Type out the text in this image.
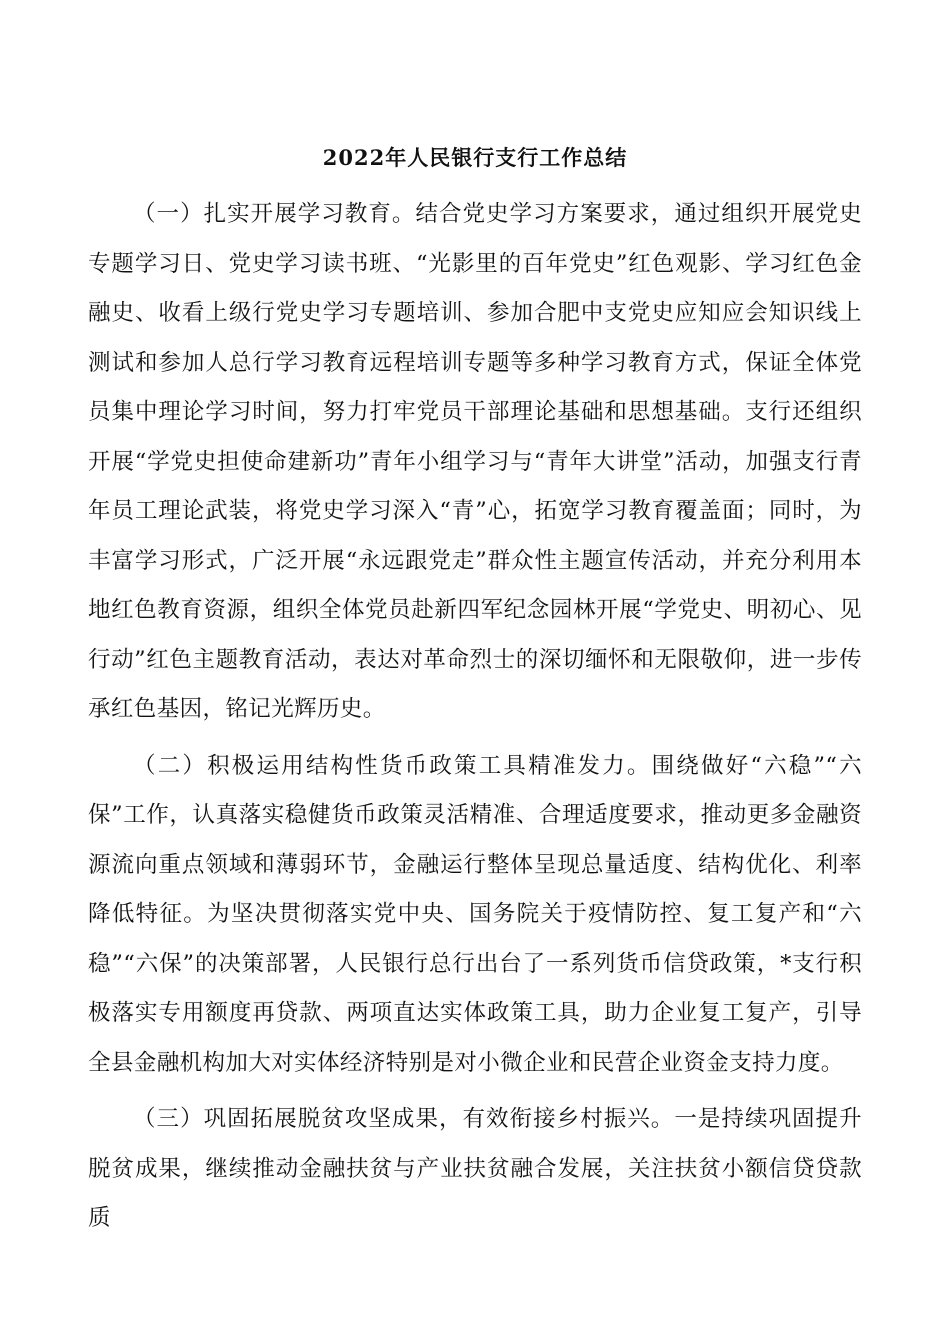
2022年人民银行支行工作总结

（一）扎实开展学习教育。结合党史学习方案要求，通过组织开展党史专题学习日、党史学习读书班、“光影里的百年党史”红色观影、学习红色金融史、收看上级行党史学习专题培训、参加合肥中支党史应知应会知识线上测试和参加人总行学习教育远程培训专题等多种学习教育方式，保证全体党员集中理论学习时间，努力打牢党员干部理论基础和思想基础。支行还组织开展“学党史担使命建新功”青年小组学习与“青年大讲堂”活动，加强支行青年员工理论武装，将党史学习深入“青”心，拓宽学习教育覆盖面；同时，为丰富学习形式，广泛开展“永远跟党走”群众性主题宣传活动，并充分利用本地红色教育资源，组织全体党员赴新四军纪念园林开展“学党史、明初心、见行动”红色主题教育活动，表达对革命烈士的深切缅怀和无限敬仰，进一步传承红色基因，铭记光辉历史。

（二）积极运用结构性货币政策工具精准发力。围绕做好“六稳”“六保”工作，认真落实稳健货币政策灵活精准、合理适度要求，推动更多金融资源流向重点领域和薄弱环节，金融运行整体呈现总量适度、结构优化、利率降低特征。为坚决贯彻落实党中央、国务院关于疫情防控、复工复产和“六稳”“六保”的决策部署，人民银行总行出台了一系列货币信贷政策，*支行积极落实专用额度再贷款、两项直达实体政策工具，助力企业复工复产，引导全县金融机构加大对实体经济特别是对小微企业和民营企业资金支持力度。

（三）巩固拓展脱贫攻坚成果，有效衔接乡村振兴。一是持续巩固提升脱贫成果，继续推动金融扶贫与产业扶贫融合发展，关注扶贫小额信贷贷款质
